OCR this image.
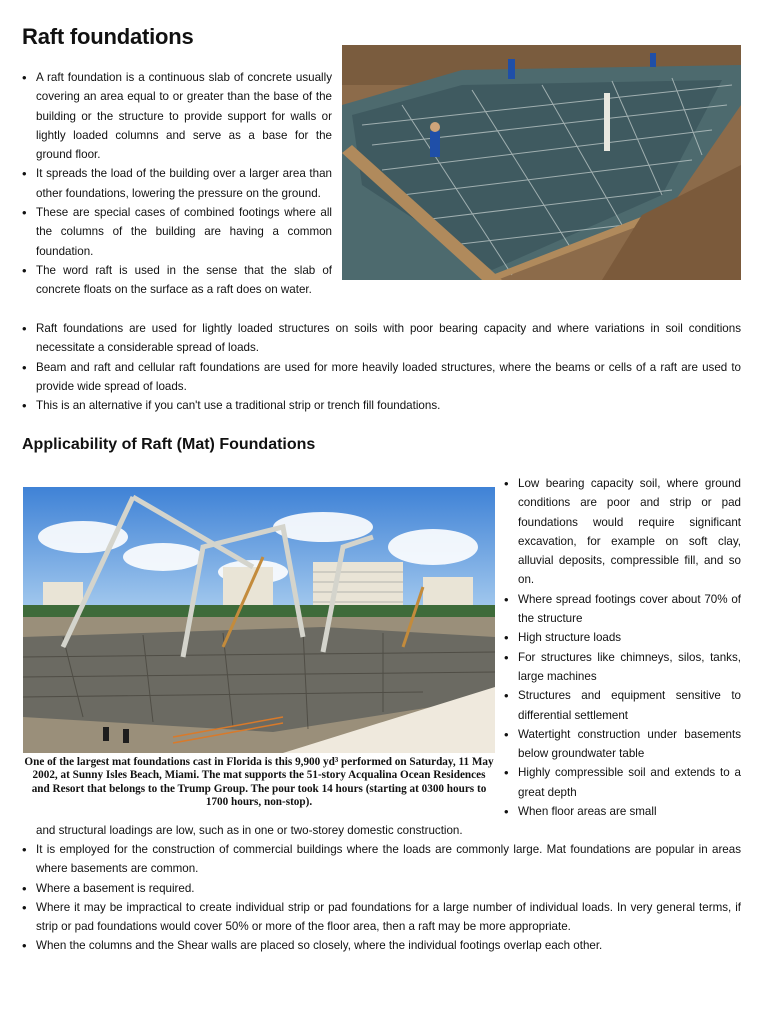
Raft foundations
• A raft foundation is a continuous slab of concrete usually covering an area equal to or greater than the base of the building or the structure to provide support for walls or lightly loaded columns and serve as a base for the ground floor.
• It spreads the load of the building over a larger area than other foundations, lowering the pressure on the ground.
• These are special cases of combined footings where all the columns of the building are having a common foundation.
• The word raft is used in the sense that the slab of concrete floats on the surface as a raft does on water.
• Raft foundations are used for lightly loaded structures on soils with poor bearing capacity and where variations in soil conditions necessitate a considerable spread of loads.
• Beam and raft and cellular raft foundations are used for more heavily loaded structures, where the beams or cells of a raft are used to provide wide spread of loads.
• This is an alternative if you can't use a traditional strip or trench fill foundations.
Applicability of Raft (Mat) Foundations
One of the largest mat foundations cast in Florida is this 9,900 yd³ performed on Saturday, 11 May 2002, at Sunny Isles Beach, Miami. The mat supports the 51-story Acqualina Ocean Residences and Resort that belongs to the Trump Group. The pour took 14 hours (starting at 0300 hours to 1700 hours, non-stop).
• Low bearing capacity soil, where ground conditions are poor and strip or pad foundations would require significant excavation, for example on soft clay, alluvial deposits, compressible fill, and so on.
• Where spread footings cover about 70% of the structure
• High structure loads
• For structures like chimneys, silos, tanks, large machines
• Structures and equipment sensitive to differential settlement
• Watertight construction under basements below groundwater table
• Highly compressible soil and extends to a great depth
• When floor areas are small
and structural loadings are low, such as in one or two-storey domestic construction.
• It is employed for the construction of commercial buildings where the loads are commonly large. Mat foundations are popular in areas where basements are common.
• Where a basement is required.
• Where it may be impractical to create individual strip or pad foundations for a large number of individual loads. In very general terms, if strip or pad foundations would cover 50% or more of the floor area, then a raft may be more appropriate.
• When the columns and the Shear walls are placed so closely, where the individual footings overlap each other.
